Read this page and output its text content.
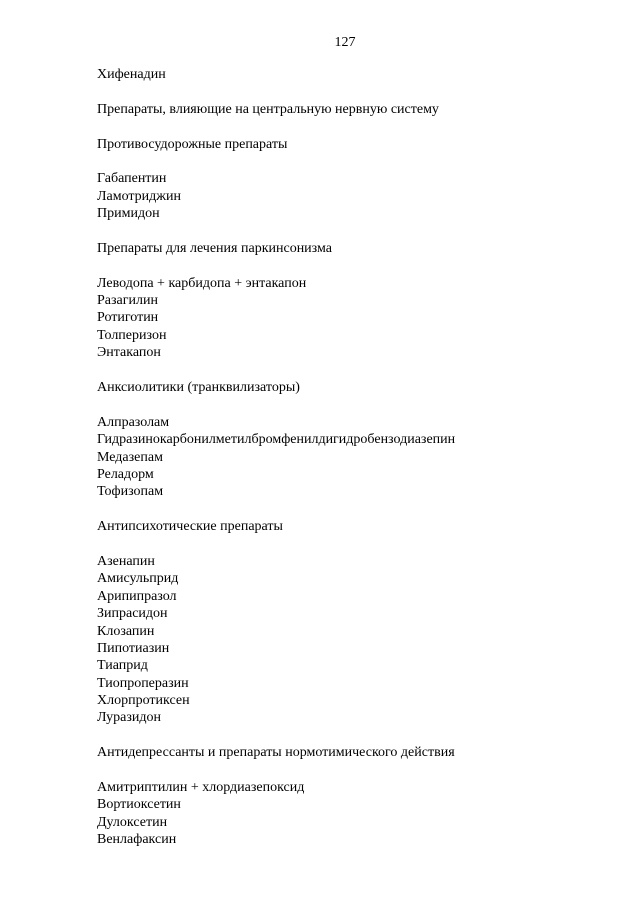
127
Хифенадин
Препараты, влияющие на центральную нервную систему
Противосудорожные препараты
Габапентин
Ламотриджин
Примидон
Препараты для лечения паркинсонизма
Леводопа + карбидопа + энтакапон
Разагилин
Ротиготин
Толперизон
Энтакапон
Анксиолитики (транквилизаторы)
Алпразолам
Гидразинокарбонилметилбромфенилдигидробензодиазепин
Медазепам
Реладорм
Тофизопам
Антипсихотические препараты
Азенапин
Амисульприд
Арипипразол
Зипрасидон
Клозапин
Пипотиазин
Тиаприд
Тиопроперазин
Хлорпротиксен
Луразидон
Антидепрессанты и препараты нормотимического действия
Амитриптилин + хлордиазепоксид
Вортиоксетин
Дулоксетин
Венлафаксин
